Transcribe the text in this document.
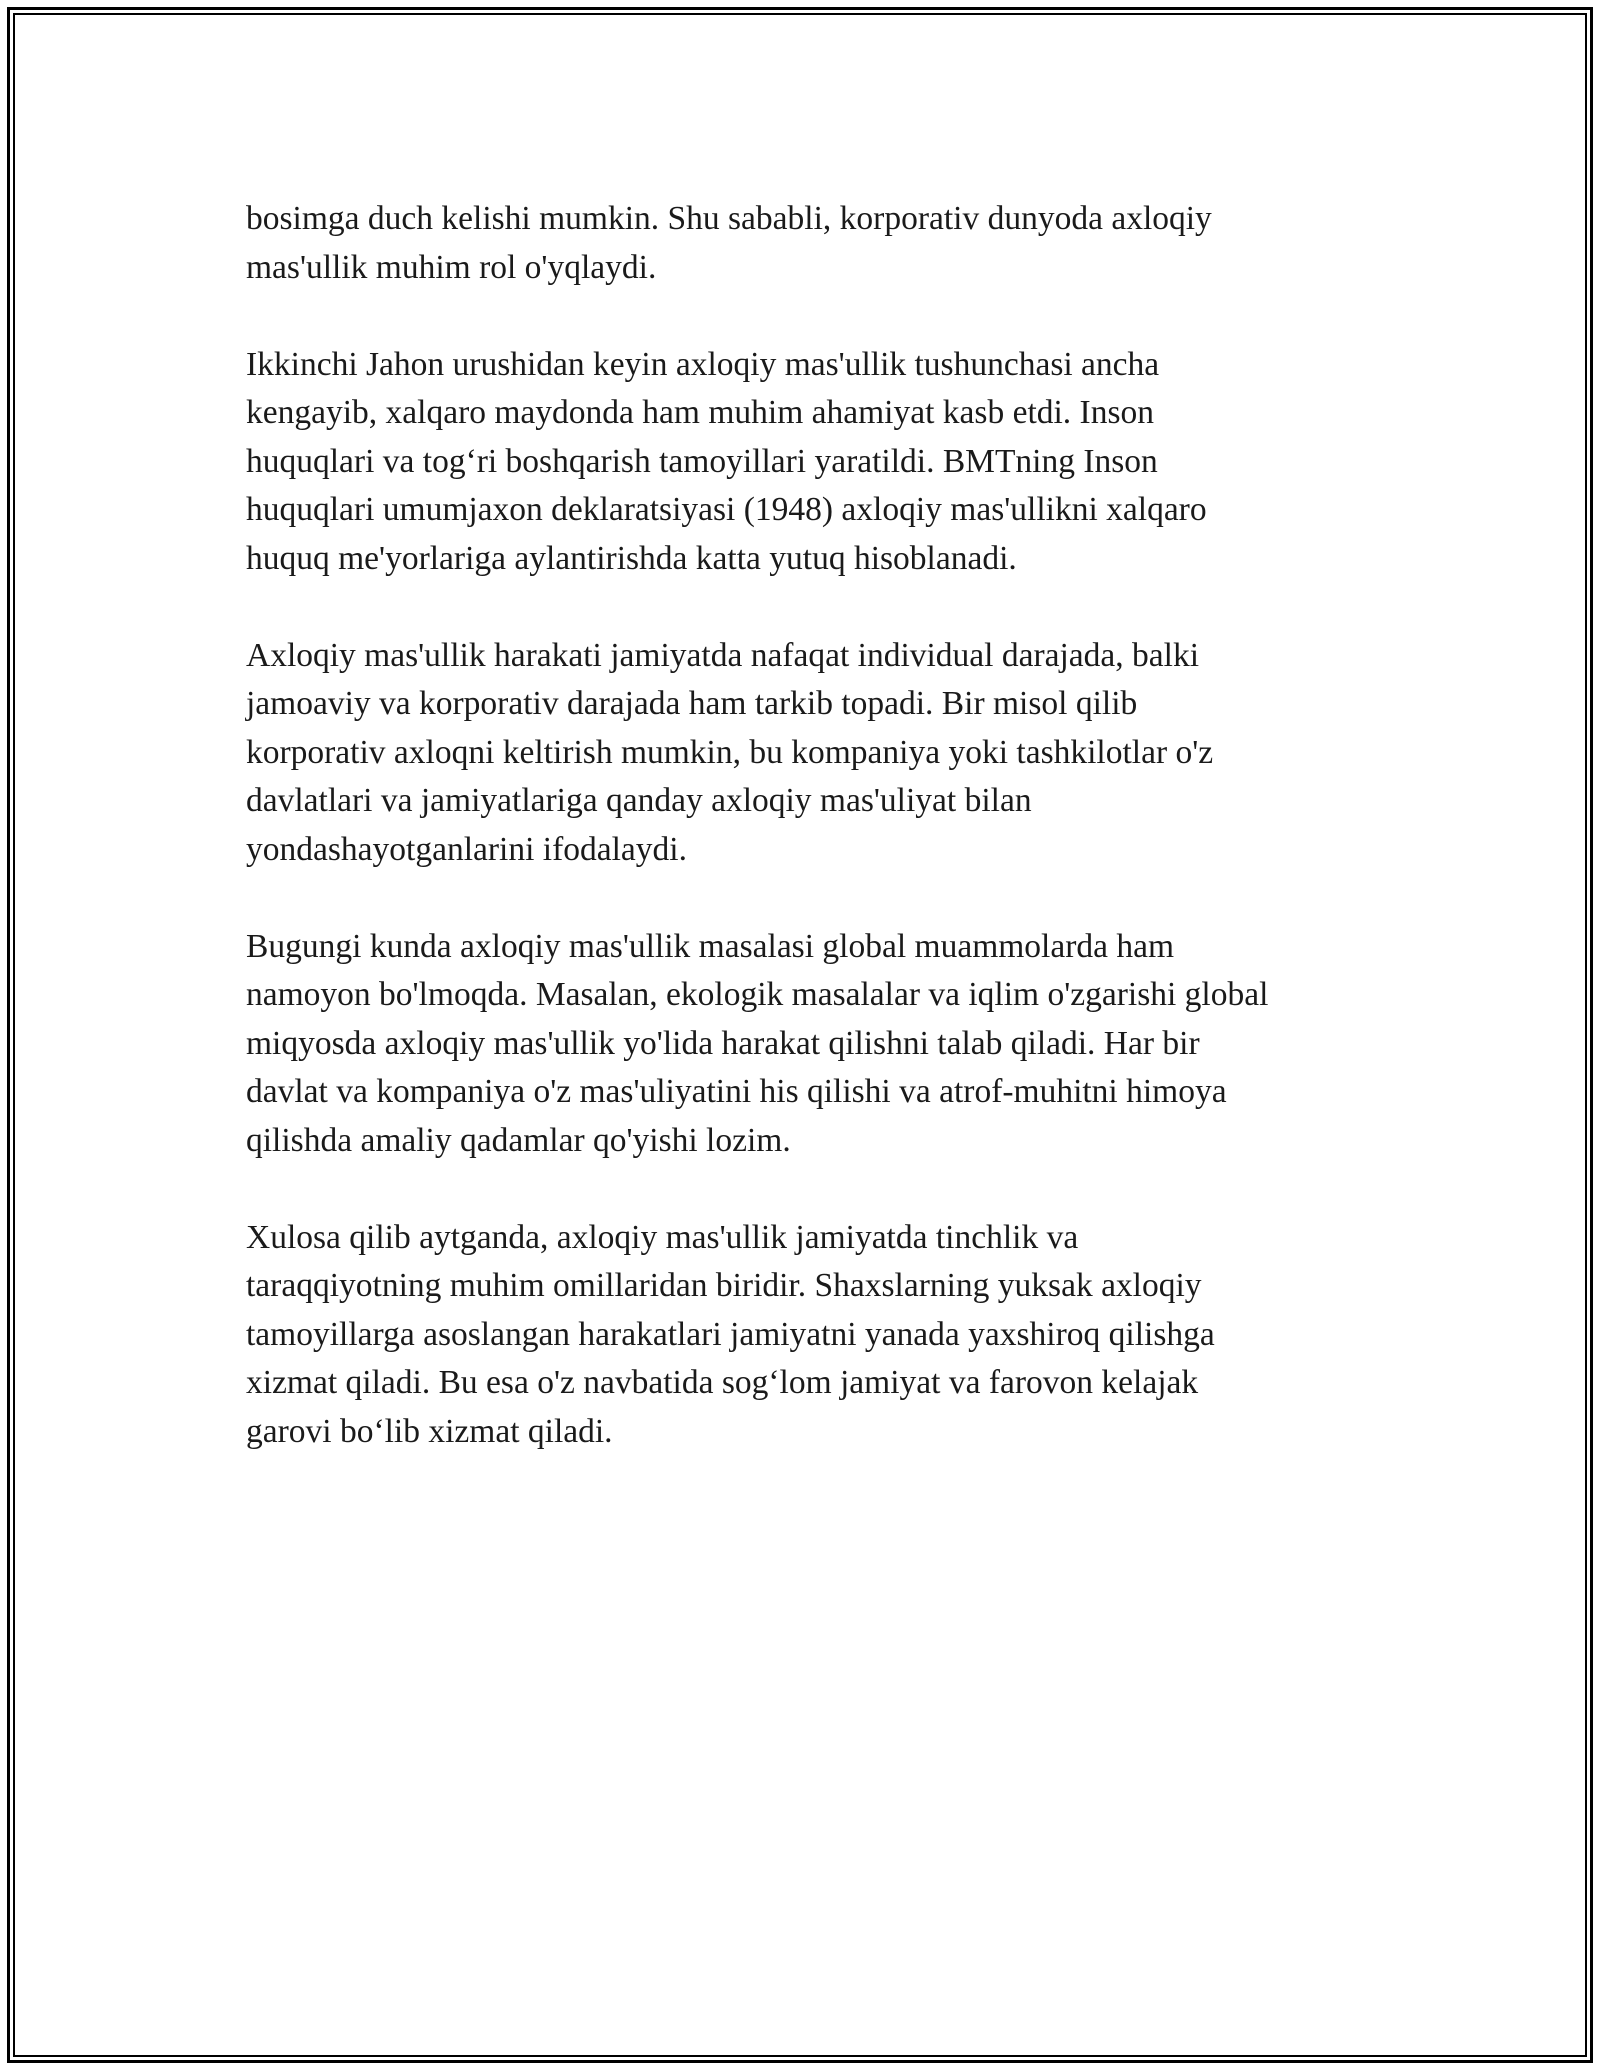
bosimga duch kelishi mumkin. Shu sababli, korporativ dunyoda axloqiy
mas'ullik muhim rol o'yqlaydi.

Ikkinchi Jahon urushidan keyin axloqiy mas'ullik tushunchasi ancha
kengayib, xalqaro maydonda ham muhim ahamiyat kasb etdi. Inson
huquqlari va tog‘ri boshqarish tamoyillari yaratildi. BMTning Inson
huquqlari umumjaxon deklaratsiyasi (1948) axloqiy mas'ullikni xalqaro
huquq me'yorlariga aylantirishda katta yutuq hisoblanadi.

Axloqiy mas'ullik harakati jamiyatda nafaqat individual darajada, balki
jamoaviy va korporativ darajada ham tarkib topadi. Bir misol qilib
korporativ axloqni keltirish mumkin, bu kompaniya yoki tashkilotlar o'z
davlatlari va jamiyatlariga qanday axloqiy mas'uliyat bilan
yondashayotganlarini ifodalaydi.

Bugungi kunda axloqiy mas'ullik masalasi global muammolarda ham
namoyon bo'lmoqda. Masalan, ekologik masalalar va iqlim o'zgarishi global
miqyosda axloqiy mas'ullik yo'lida harakat qilishni talab qiladi. Har bir
davlat va kompaniya o'z mas'uliyatini his qilishi va atrof-muhitni himoya
qilishda amaliy qadamlar qo'yishi lozim.

Xulosa qilib aytganda, axloqiy mas'ullik jamiyatda tinchlik va
taraqqiyotning muhim omillaridan biridir. Shaxslarning yuksak axloqiy
tamoyillarga asoslangan harakatlari jamiyatni yanada yaxshiroq qilishga
xizmat qiladi. Bu esa o'z navbatida sog‘lom jamiyat va farovon kelajak
garovi bo‘lib xizmat qiladi.
